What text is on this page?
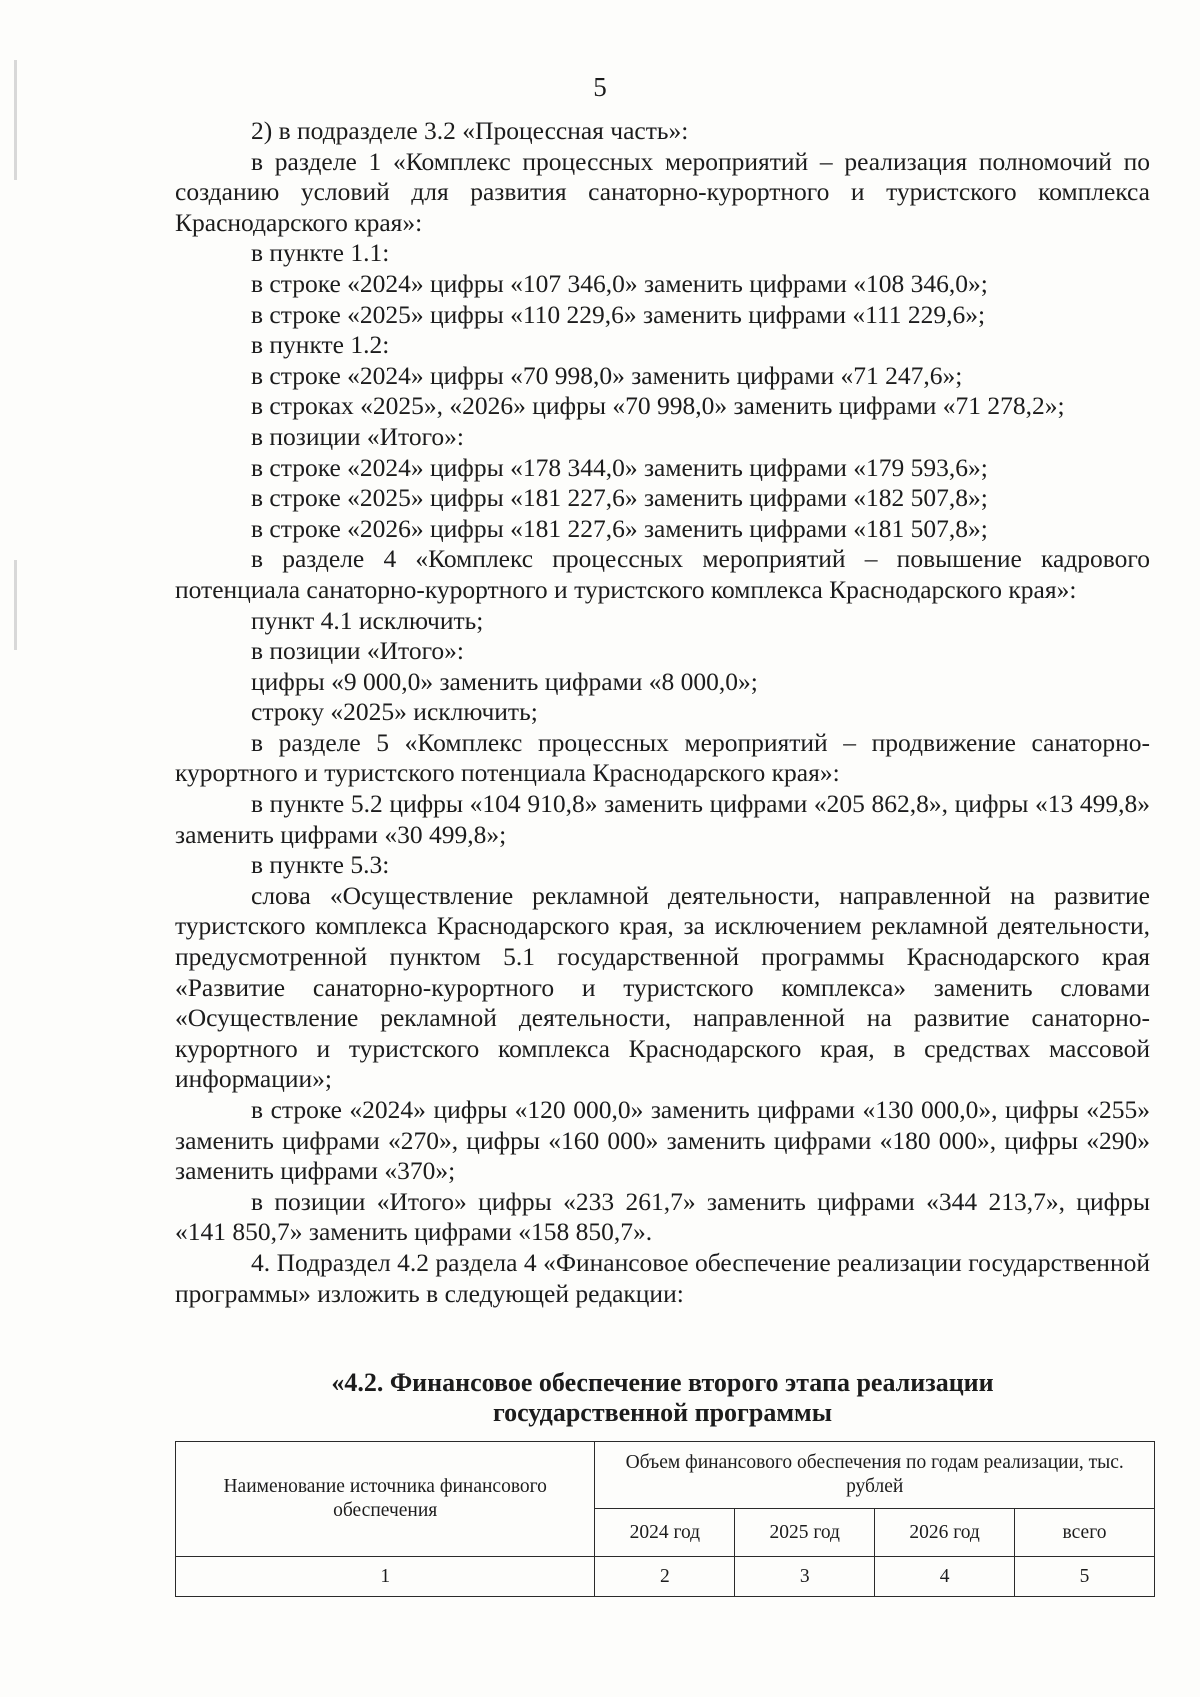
5

2) в подразделе 3.2 «Процессная часть»:

в разделе 1 «Комплекс процессных мероприятий – реализация полномочий по созданию условий для развития санаторно-курортного и туристского комплекса Краснодарского края»:

в пункте 1.1:

в строке «2024» цифры «107 346,0» заменить цифрами «108 346,0»;

в строке «2025» цифры «110 229,6» заменить цифрами «111 229,6»;

в пункте 1.2:

в строке «2024» цифры «70 998,0» заменить цифрами «71 247,6»;

в строках «2025», «2026» цифры «70 998,0» заменить цифрами «71 278,2»;

в позиции «Итого»:

в строке «2024» цифры «178 344,0» заменить цифрами «179 593,6»;

в строке «2025» цифры «181 227,6» заменить цифрами «182 507,8»;

в строке «2026» цифры «181 227,6» заменить цифрами «181 507,8»;

в разделе 4 «Комплекс процессных мероприятий – повышение кадрового потенциала санаторно-курортного и туристского комплекса Краснодарского края»:

пункт 4.1 исключить;

в позиции «Итого»:

цифры «9 000,0» заменить цифрами «8 000,0»;

строку «2025» исключить;

в разделе 5 «Комплекс процессных мероприятий – продвижение санаторно-курортного и туристского потенциала Краснодарского края»:

в пункте 5.2 цифры «104 910,8» заменить цифрами «205 862,8», цифры «13 499,8» заменить цифрами «30 499,8»;

в пункте 5.3:

слова «Осуществление рекламной деятельности, направленной на развитие туристского комплекса Краснодарского края, за исключением рекламной деятельности, предусмотренной пунктом 5.1 государственной программы Краснодарского края «Развитие санаторно-курортного и туристского комплекса» заменить словами «Осуществление рекламной деятельности, направленной на развитие санаторно-курортного и туристского комплекса Краснодарского края, в средствах массовой информации»;

в строке «2024» цифры «120 000,0» заменить цифрами «130 000,0», цифры «255» заменить цифрами «270», цифры «160 000» заменить цифрами «180 000», цифры «290» заменить цифрами «370»;

в позиции «Итого» цифры «233 261,7» заменить цифрами «344 213,7», цифры «141 850,7» заменить цифрами «158 850,7».

4. Подраздел 4.2 раздела 4 «Финансовое обеспечение реализации государственной программы» изложить в следующей редакции:

«4.2. Финансовое обеспечение второго этапа реализации
государственной программы
Наименование источника финансового обеспечения	Объем финансового обеспечения по годам реализации, тыс. рублей			
	2024 год	2025 год	2026 год	всего
1	2	3	4	5
